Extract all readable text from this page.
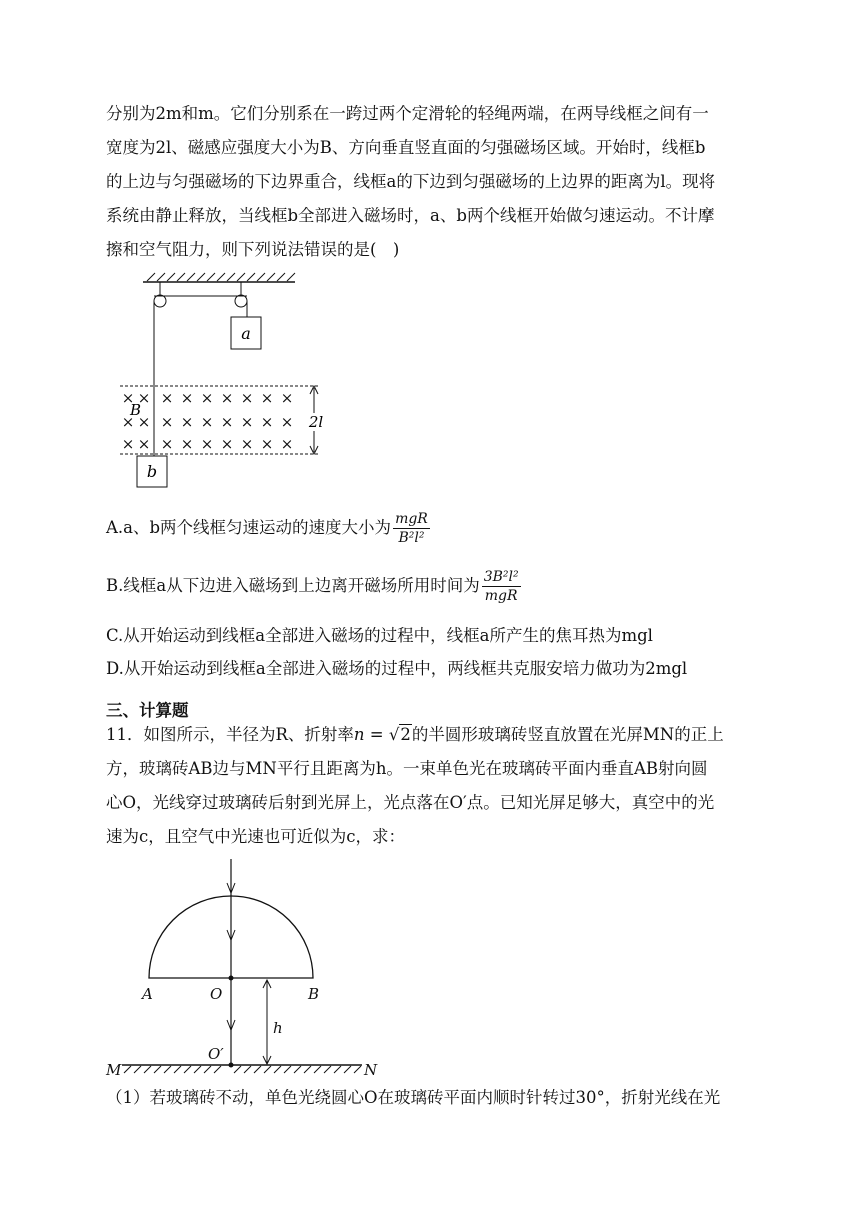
分别为2m和m。它们分别系在一跨过两个定滑轮的轻绳两端，在两导线框之间有一
宽度为2l、磁感应强度大小为B、方向垂直竖直面的匀强磁场区域。开始时，线框b
的上边与匀强磁场的下边界重合，线框a的下边到匀强磁场的上边界的距离为l。现将
系统由静止释放，当线框b全部进入磁场时，a、b两个线框开始做匀速运动。不计摩
擦和空气阻力，则下列说法错误的是(　)
a
× × × × × × × × ×
× × × × × × × × ×
× × × × × × × × ×
B
2l
b
A.a、b两个线框匀速运动的速度大小为 $\frac{\text{mgR}}{\text{B²l²}}$
B.线框a从下边进入磁场到上边离开磁场所用时间为 $\frac{\text{3B²l²}}{\text{mgR}}$
C.从开始运动到线框a全部进入磁场的过程中，线框a所产生的焦耳热为mgl
D.从开始运动到线框a全部进入磁场的过程中，两线框共克服安培力做功为2mgl
三、计算题
11．如图所示，半径为R、折射率n = √2的半圆形玻璃砖竖直放置在光屏MN的正上
方，玻璃砖AB边与MN平行且距离为h。一束单色光在玻璃砖平面内垂直AB射向圆
心O，光线穿过玻璃砖后射到光屏上，光点落在O′点。已知光屏足够大，真空中的光
速为c，且空气中光速也可近似为c，求：
A	O	B
h
O′
M	N
（1）若玻璃砖不动，单色光绕圆心O在玻璃砖平面内顺时针转过30°，折射光线在光
